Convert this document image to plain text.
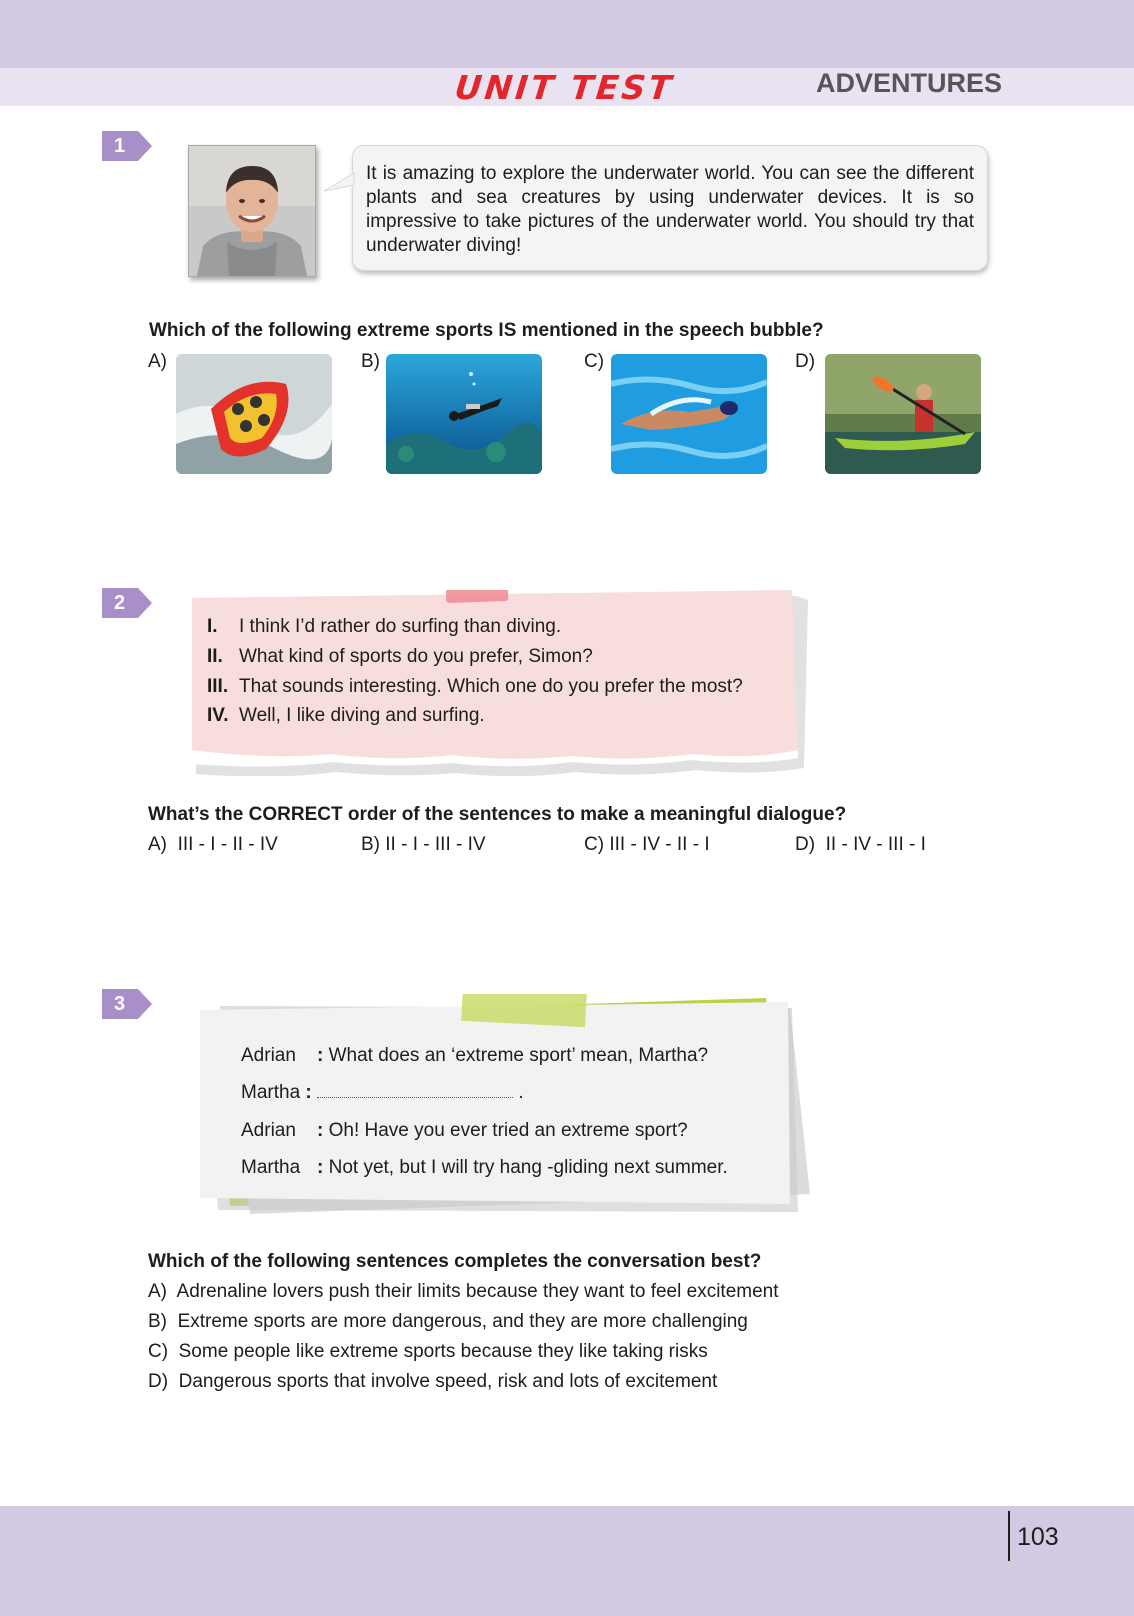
UNIT TEST	ADVENTURES
1
It is amazing to explore the underwater world. You can see the different plants and sea creatures by using underwater devices. It is so impressive to take pictures of the underwater world. You should try that underwater diving!
Which of the following extreme sports IS mentioned in the speech bubble?
A)	B)	C)	D)
2
I. I think I’d rather do surfing than diving.
II. What kind of sports do you prefer, Simon?
III. That sounds interesting. Which one do you prefer the most?
IV. Well, I like diving and surfing.
What’s the CORRECT order of the sentences to make a meaningful dialogue?
A) III - I - II - IV	B) II - I - III - IV	C) III - IV - II - I	D) II - IV - III - I
3
Adrian : What does an ‘extreme sport’ mean, Martha?
Martha :	.
Adrian : Oh! Have you ever tried an extreme sport?
Martha : Not yet, but I will try hang -gliding next summer.
Which of the following sentences completes the conversation best?
A) Adrenaline lovers push their limits because they want to feel excitement
B) Extreme sports are more dangerous, and they are more challenging
C) Some people like extreme sports because they like taking risks
D) Dangerous sports that involve speed, risk and lots of excitement
103
